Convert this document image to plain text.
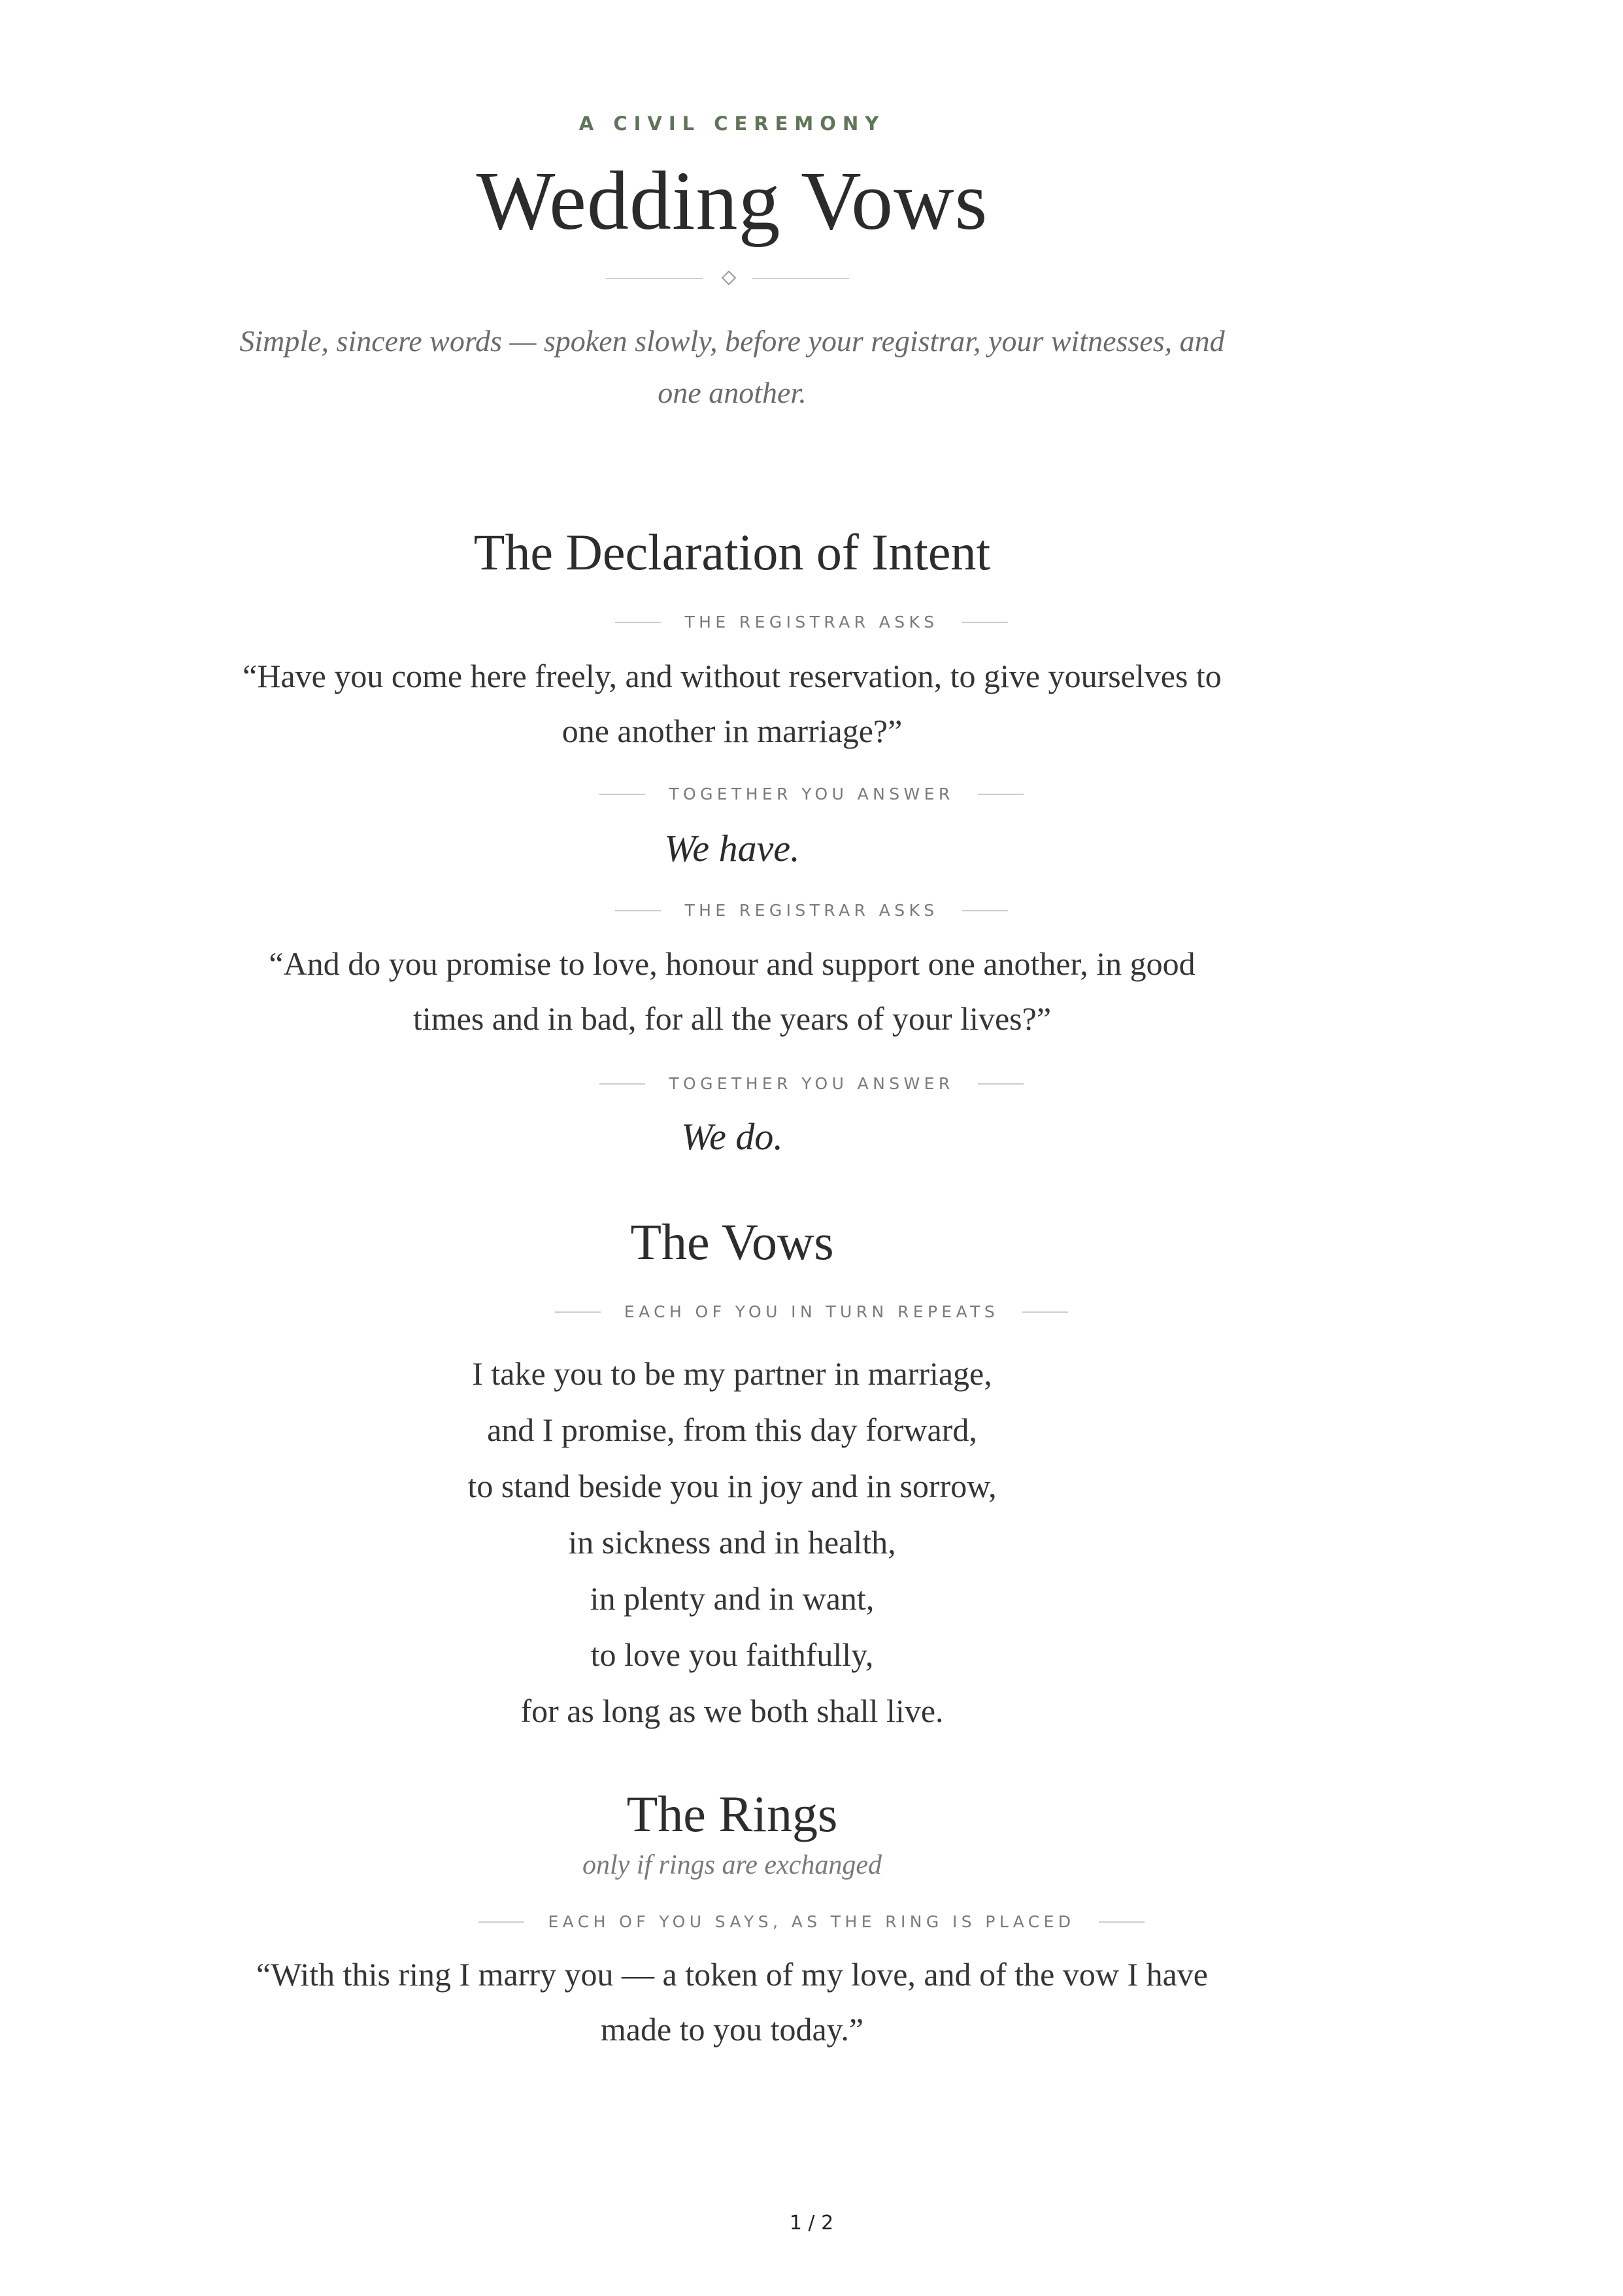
A CIVIL CEREMONY
Wedding Vows
Simple, sincere words — spoken slowly, before your registrar, your witnesses, and one another.
The Declaration of Intent
THE REGISTRAR ASKS
“Have you come here freely, and without reservation, to give yourselves to one another in marriage?”
TOGETHER YOU ANSWER
We have.
THE REGISTRAR ASKS
“And do you promise to love, honour and support one another, in good times and in bad, for all the years of your lives?”
TOGETHER YOU ANSWER
We do.
The Vows
EACH OF YOU IN TURN REPEATS
I take you to be my partner in marriage,
and I promise, from this day forward,
to stand beside you in joy and in sorrow,
in sickness and in health,
in plenty and in want,
to love you faithfully,
for as long as we both shall live.
The Rings
only if rings are exchanged
EACH OF YOU SAYS, AS THE RING IS PLACED
“With this ring I marry you — a token of my love, and of the vow I have made to you today.”
1 / 2
